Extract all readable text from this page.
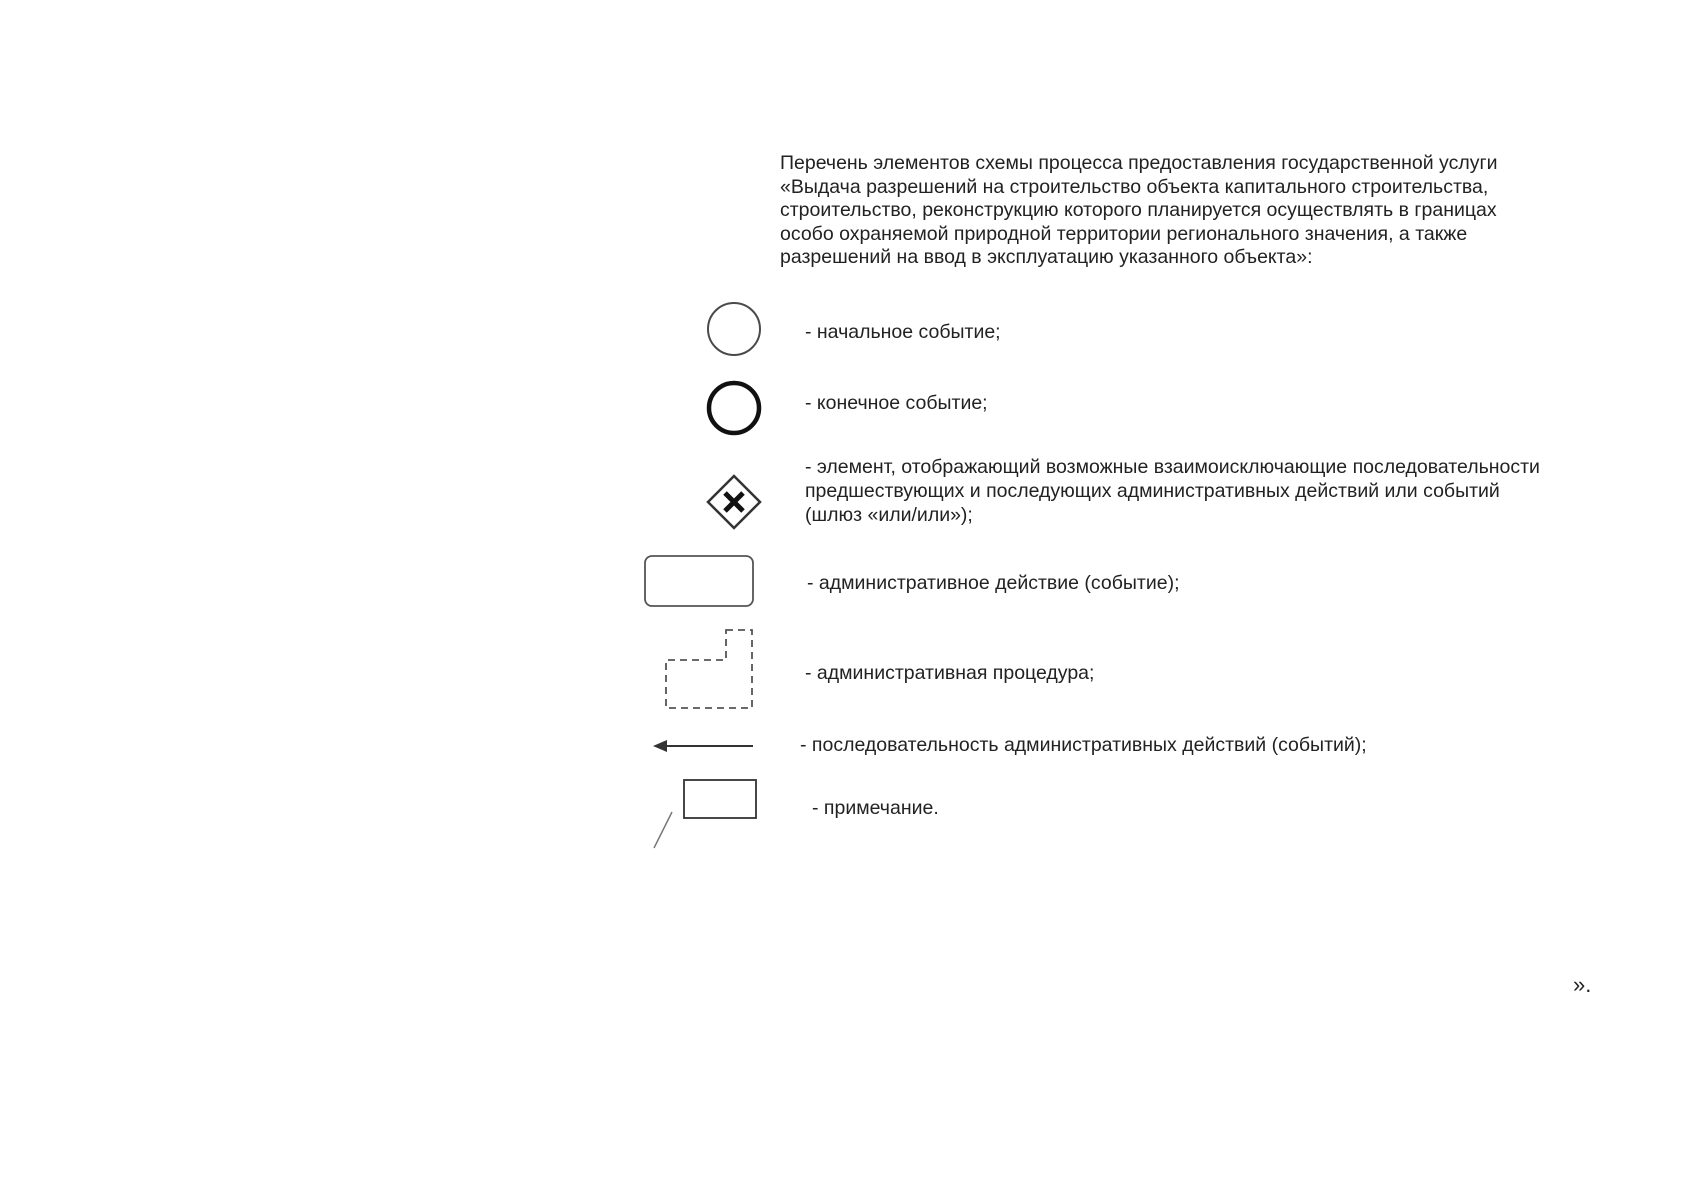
Перечень элементов схемы процесса предоставления государственной услуги
«Выдача разрешений на строительство объекта капитального строительства,
строительство, реконструкцию которого планируется осуществлять в границах
особо охраняемой природной территории регионального значения, а также
разрешений на ввод в эксплуатацию указанного объекта»:
- начальное событие;
- конечное событие;
- элемент, отображающий возможные взаимоисключающие последовательности
предшествующих и последующих административных действий или событий
(шлюз «или/или»);
- административное действие (событие);
- административная процедура;
- последовательность административных действий (событий);
- примечание.
».
